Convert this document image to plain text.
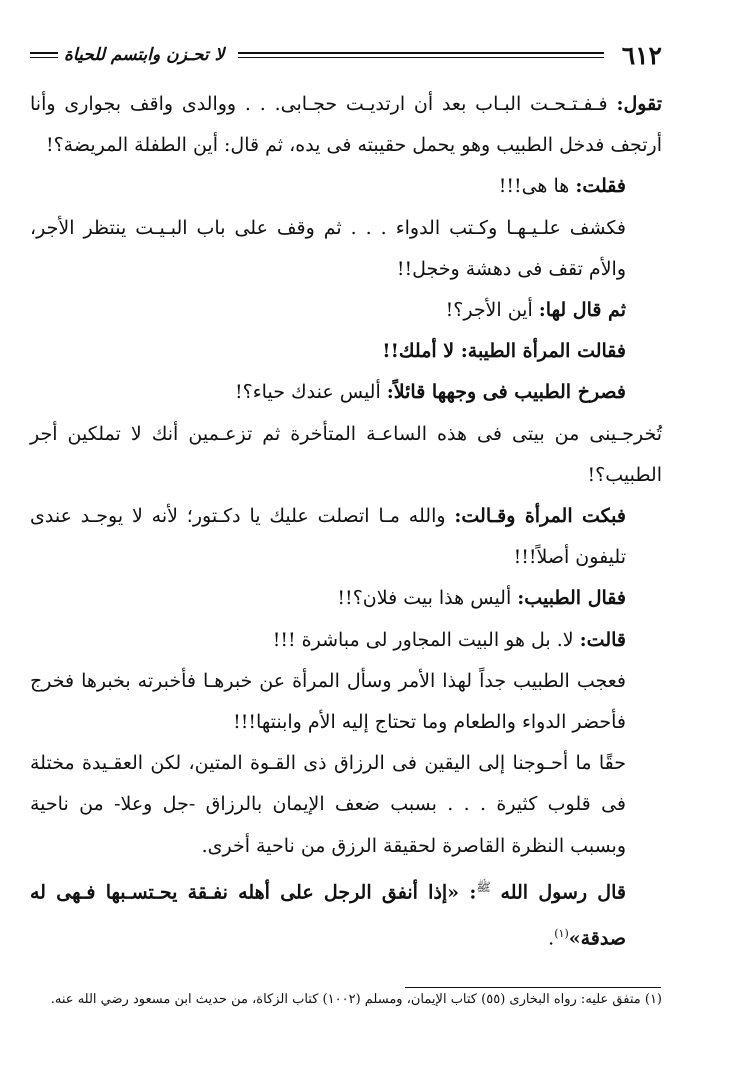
٦١٢
لا تحـزن وابتسم للحياة

تقول: فـفـتـحـت البـاب بعد أن ارتديـت حجـابى. . . ووالدى واقف بجوارى وأنا أرتجف فدخل الطبيب وهو يحمل حقيبته فى يده، ثم قال: أين الطفلة المريضة؟!

فقلت: ها هى!!!

فكشف علـيـهـا وكـتب الدواء . . . ثم وقف على باب البـيـت ينتظر الأجر، والأم تقف فى دهشة وخجل!!

ثم قال لها: أين الأجر؟!

فقالت المرأة الطيبة: لا أملك!!

فصرخ الطبيب فى وجهها قائلاً: أليس عندك حياء؟!

تُخرجـينى من بيتى فى هذه الساعـة المتأخرة ثم تزعـمين أنك لا تملكين أجر الطبيب؟!

فبكت المرأة وقـالت: والله مـا اتصلت عليك يا دكـتور؛ لأنه لا يوجـد عندى تليفون أصلاً!!!

فقال الطبيب: أليس هذا بيت فلان؟!!

قالت: لا. بل هو البيت المجاور لى مباشرة !!!

فعجب الطبيب جداً لهذا الأمر وسأل المرأة عن خبرهـا فأخبرته بخبرها فخرج فأحضر الدواء والطعام وما تحتاج إليه الأم وابنتها!!!

حقًا ما أحـوجنا إلى اليقين فى الرزاق ذى القـوة المتين، لكن العقـيدة مختلة فى قلوب كثيرة . . . بسبب ضعف الإيمان بالرزاق -جل وعلا- من ناحية وبسبب النظرة القاصرة لحقيقة الرزق من ناحية أخرى.

قال رسول الله $^ﷺ$: «إذا أنفق الرجل على أهله نفـقة يحـتسـبها فـهى له صدقة»$^{(١)}$.

(١) متفق عليه: رواه البخارى (٥٥) كتاب الإيمان، ومسلم (١٠٠٢) كتاب الزكاة، من حديث ابن مسعود رضي الله عنه.
